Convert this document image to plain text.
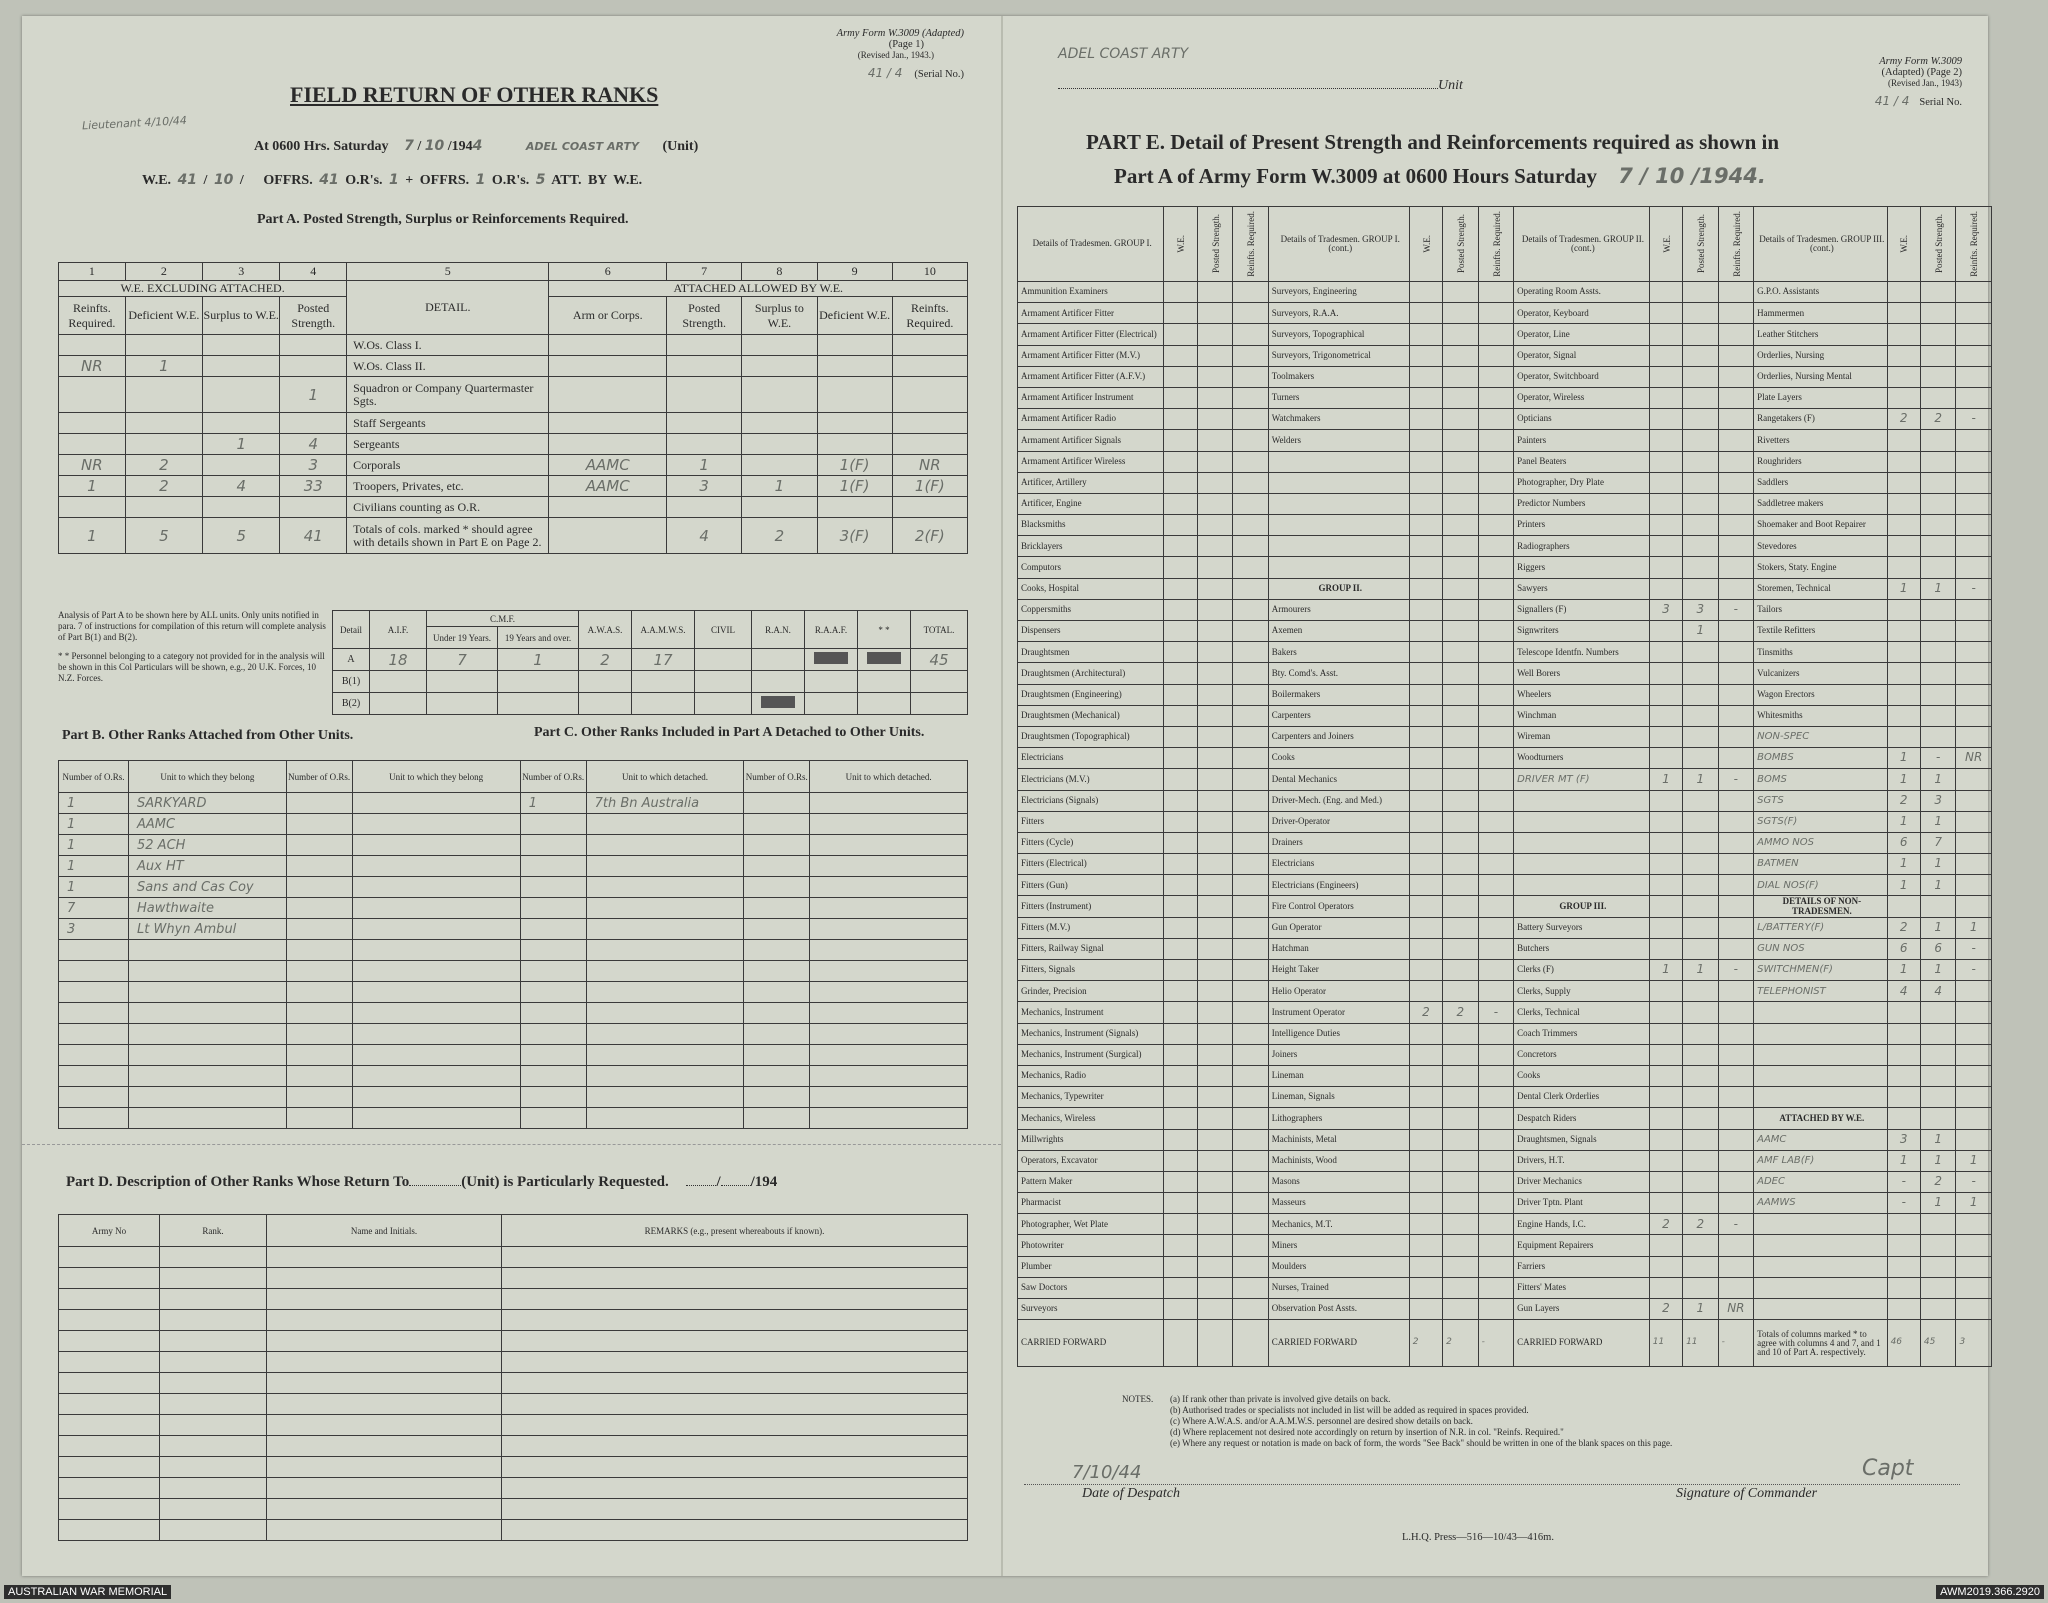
Army Form W.3009 (Adapted)
(Page 1)
(Revised Jan., 1943.)
41 / 4 (Serial No.)
FIELD RETURN OF OTHER RANKS
Lieutenant 4/10/44
At 0600 Hrs. Saturday 7 / 10 /1944	ADEL COAST ARTY (Unit)
W.E. 41 / 10 /   OFFRS. 41 O.R's. 1 + OFFRS. 1 O.R's. 5 ATT. BY W.E.
Part A. Posted Strength, Surplus or Reinforcements Required.
1	2	3	4	5	6	7	8	9	10
W.E. EXCLUDING ATTACHED.				DETAIL.	ATTACHED ALLOWED BY W.E.				
Reinfts. Required.	Deficient W.E.	Surplus to W.E.	Posted Strength.		Arm or Corps.	Posted Strength.	Surplus to W.E.	Deficient W.E.	Reinfts. Required.
				W.Os. Class I.					
NR	1			W.Os. Class II.					
			1	Squadron or Company Quartermaster Sgts.					
				Staff Sergeants					
		1	4	Sergeants					
NR	2		3	Corporals	AAMC	1		1(F)	NR
1	2	4	33	Troopers, Privates, etc.	AAMC	3	1	1(F)	1(F)
				Civilians counting as O.R.					
1	5	5	41	Totals of cols. marked * should agree with details shown in Part E on Page 2.		4	2	3(F)	2(F)
Analysis of Part A to be shown here by ALL units. Only units notified in para. 7 of instructions for compilation of this return will complete analysis of Part B(1) and B(2).
* * Personnel belonging to a category not provided for in the analysis will be shown in this Col Particulars will be shown, e.g., 20 U.K. Forces, 10 N.Z. Forces.
Detail	A.I.F.	C.M.F.		A.W.A.S.	A.A.M.W.S.	CIVIL	R.A.N.	R.A.A.F.	* *	TOTAL.
		Under 19 Years.	19 Years and over.							
A	18	7	1	2	17					45
B(1)										
B(2)										
Part B. Other Ranks Attached from Other Units.	Part C. Other Ranks Included in Part A Detached to Other Units.
Number of O.Rs.	Unit to which they belong	Number of O.Rs.	Unit to which they belong	Number of O.Rs.	Unit to which detached.	Number of O.Rs.	Unit to which detached.
1	SARKYARD			1	7th Bn Australia		
1	AAMC						
1	52 ACH						
1	Aux HT						
1	Sans and Cas Coy						
7	Hawthwaite						
3	Lt Whyn Ambul						

Part D. Description of Other Ranks Whose Return To	(Unit) is Particularly Requested.	/ /194
Army No	Rank.	Name and Initials.	REMARKS (e.g., present whereabouts if known).

ADEL COAST ARTY
Unit
Army Form W.3009
(Adapted) (Page 2)
(Revised Jan., 1943)
41 / 4 Serial No.
PART E. Detail of Present Strength and Reinforcements required as shown in
Part A of Army Form W.3009 at 0600 Hours Saturday 7 / 10 /1944.
Details of Tradesmen. GROUP I.	W.E.	Posted Strength.	Reinfts. Required.	Details of Tradesmen. GROUP I. (cont.)	W.E.	Posted Strength.	Reinfts. Required.	Details of Tradesmen. GROUP II. (cont.)	W.E.	Posted Strength.	Reinfts. Required.	Details of Tradesmen. GROUP III. (cont.)	W.E.	Posted Strength.	Reinfts. Required.

Ammunition Examiners				Surveyors, Engineering				Operating Room Assts.				G.P.O. Assistants			
Armament Artificer Fitter				Surveyors, R.A.A.				Operator, Keyboard				Hammermen			
Armament Artificer Fitter (Electrical)				Surveyors, Topographical				Operator, Line				Leather Stitchers			
Armament Artificer Fitter (M.V.)				Surveyors, Trigonometrical				Operator, Signal				Orderlies, Nursing			
Armament Artificer Fitter (A.F.V.)				Toolmakers				Operator, Switchboard				Orderlies, Nursing Mental			
Armament Artificer Instrument				Turners				Operator, Wireless				Plate Layers			
Armament Artificer Radio				Watchmakers				Opticians				Rangetakers (F)	2	2	-
Armament Artificer Signals				Welders				Painters				Rivetters			
Armament Artificer Wireless								Panel Beaters				Roughriders			
Artificer, Artillery								Photographer, Dry Plate				Saddlers			
Artificer, Engine								Predictor Numbers				Saddletree makers			
Blacksmiths								Printers				Shoemaker and Boot Repairer			
Bricklayers								Radiographers				Stevedores			
Computors								Riggers				Stokers, Staty. Engine			
Cooks, Hospital				GROUP II.				Sawyers				Storemen, Technical	1	1	-
Coppersmiths				Armourers				Signallers (F)	3	3	-	Tailors			
Dispensers				Axemen				Signwriters		1		Textile Refitters			
Draughtsmen				Bakers				Telescope Identfn. Numbers				Tinsmiths			
Draughtsmen (Architectural)				Bty. Comd's. Asst.				Well Borers				Vulcanizers			
Draughtsmen (Engineering)				Boilermakers				Wheelers				Wagon Erectors			
Draughtsmen (Mechanical)				Carpenters				Winchman				Whitesmiths			
Draughtsmen (Topographical)				Carpenters and Joiners				Wireman				NON-SPEC			
Electricians				Cooks				Woodturners				BOMBS	1	-	NR
Electricians (M.V.)				Dental Mechanics				DRIVER MT (F)	1	1	-	BOMS	1	1	
Electricians (Signals)				Driver-Mech. (Eng. and Med.)								SGTS	2	3	
Fitters				Driver-Operator								SGTS(F)	1	1	
Fitters (Cycle)				Drainers								AMMO NOS	6	7	
Fitters (Electrical)				Electricians								BATMEN	1	1	
Fitters (Gun)				Electricians (Engineers)								DIAL NOS(F)	1	1	
Fitters (Instrument)				Fire Control Operators				GROUP III.				DETAILS OF NON-TRADESMEN.			
Fitters (M.V.)				Gun Operator				Battery Surveyors				L/BATTERY(F)	2	1	1
Fitters, Railway Signal				Hatchman				Butchers				GUN NOS	6	6	-
Fitters, Signals				Height Taker				Clerks (F)	1	1	-	SWITCHMEN(F)	1	1	-
Grinder, Precision				Helio Operator				Clerks, Supply				TELEPHONIST	4	4	
Mechanics, Instrument				Instrument Operator	2	2	-	Clerks, Technical							
Mechanics, Instrument (Signals)				Intelligence Duties				Coach Trimmers							
Mechanics, Instrument (Surgical)				Joiners				Concretors							
Mechanics, Radio				Lineman				Cooks							
Mechanics, Typewriter				Lineman, Signals				Dental Clerk Orderlies							
Mechanics, Wireless				Lithographers				Despatch Riders				ATTACHED BY W.E.			
Millwrights				Machinists, Metal				Draughtsmen, Signals				AAMC	3	1	
Operators, Excavator				Machinists, Wood				Drivers, H.T.				AMF LAB(F)	1	1	1
Pattern Maker				Masons				Driver Mechanics				ADEC	-	2	-
Pharmacist				Masseurs				Driver Tptn. Plant				AAMWS	-	1	1
Photographer, Wet Plate				Mechanics, M.T.				Engine Hands, I.C.	2	2	-				
Photowriter				Miners				Equipment Repairers							
Plumber				Moulders				Farriers							
Saw Doctors				Nurses, Trained				Fitters' Mates							
Surveyors				Observation Post Assts.				Gun Layers	2	1	NR				
CARRIED FORWARD				CARRIED FORWARD	2	2	-	CARRIED FORWARD	11	11	-	Totals of columns marked * to agree with columns 4 and 7, and 1 and 10 of Part A. respectively.	46	45	3
NOTES.	(a) If rank other than private is involved give details on back.
(b) Authorised trades or specialists not included in list will be added as required in spaces provided.
(c) Where A.W.A.S. and/or A.A.M.W.S. personnel are desired show details on back.
(d) Where replacement not desired note accordingly on return by insertion of N.R. in col. "Reinfs. Required."
(e) Where any request or notation is made on back of form, the words "See Back" should be written in one of the blank spaces on this page.
7/10/44
Date of Despatch
Capt
Signature of Commander
L.H.Q. Press—516—10/43—416m.
AUSTRALIAN WAR MEMORIAL	AWM2019.366.2920
